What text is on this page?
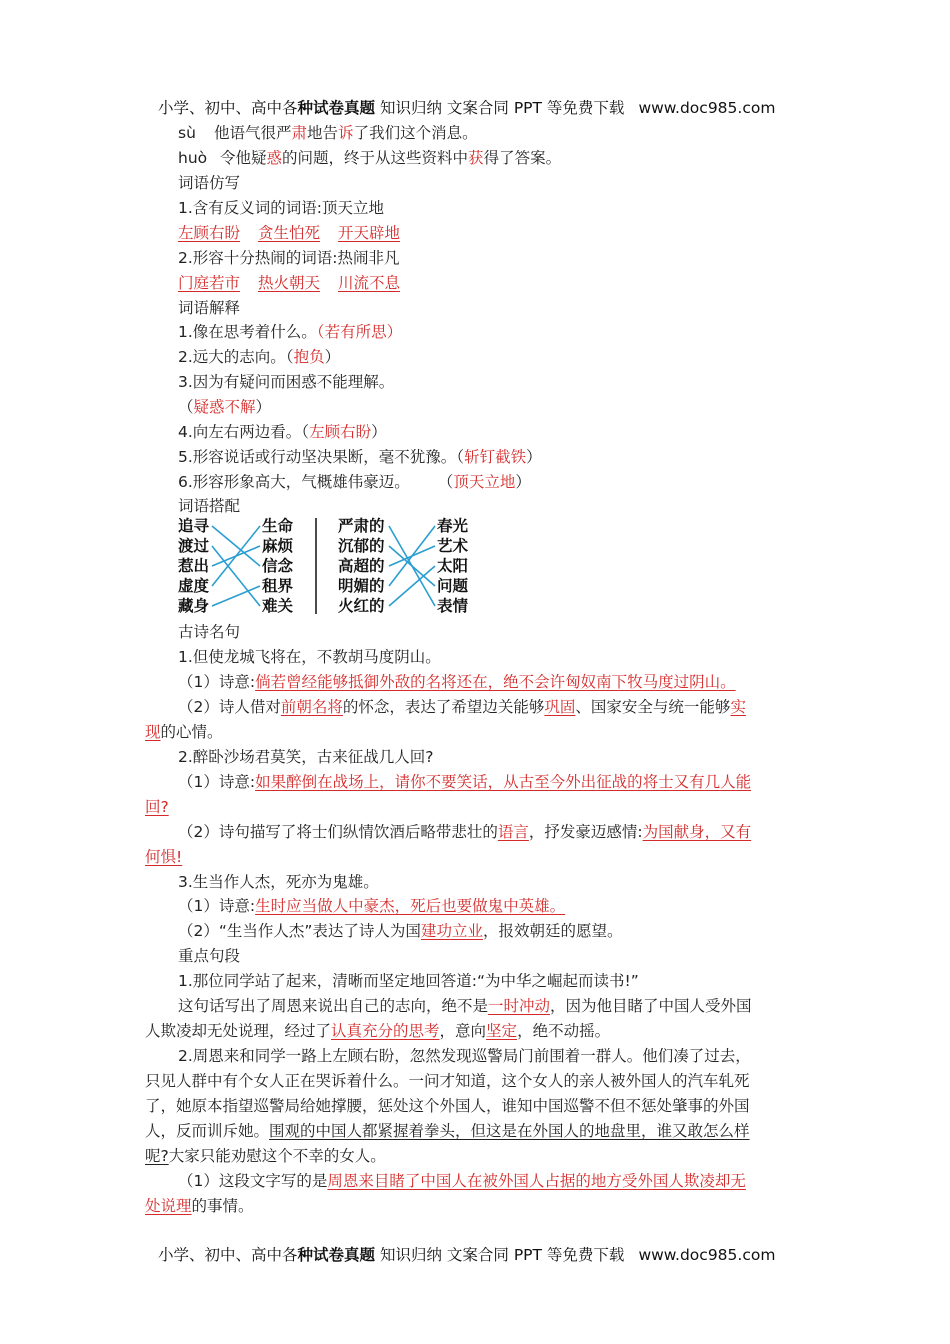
小学、初中、高中各种试卷真题 知识归纳 文案合同 PPT 等免费下载 www.doc985.com
sù 他语气很严肃地告诉了我们这个消息。
huò 令他疑惑的问题，终于从这些资料中获得了答案。
词语仿写
1.含有反义词的词语:顶天立地
左顾右盼 贪生怕死 开天辟地
2.形容十分热闹的词语:热闹非凡
门庭若市 热火朝天 川流不息
词语解释
1.像在思考着什么。（若有所思）
2.远大的志向。（抱负）
3.因为有疑问而困惑不能理解。
（疑惑不解）
4.向左右两边看。（左顾右盼）
5.形容说话或行动坚决果断，毫不犹豫。（斩钉截铁）
6.形容形象高大，气概雄伟豪迈。 （顶天立地）
词语搭配
追寻
渡过
惹出
虚度
藏身
生命
麻烦
信念
租界
难关
严肃的
沉郁的
高超的
明媚的
火红的
春光
艺术
太阳
问题
表情
古诗名句
1.但使龙城飞将在，不教胡马度阴山。
（1）诗意:倘若曾经能够抵御外敌的名将还在，绝不会许匈奴南下牧马度过阴山。
（2）诗人借对前朝名将的怀念，表达了希望边关能够巩固、国家安全与统一能够实
现的心情。
2.醉卧沙场君莫笑，古来征战几人回?
（1）诗意:如果醉倒在战场上，请你不要笑话，从古至今外出征战的将士又有几人能
回?
（2）诗句描写了将士们纵情饮酒后略带悲壮的语言，抒发豪迈感情:为国献身，又有
何惧!
3.生当作人杰，死亦为鬼雄。
（1）诗意:生时应当做人中豪杰，死后也要做鬼中英雄。
（2）“生当作人杰”表达了诗人为国建功立业，报效朝廷的愿望。
重点句段
1.那位同学站了起来，清晰而坚定地回答道:“为中华之崛起而读书!”
这句话写出了周恩来说出自己的志向，绝不是一时冲动，因为他目睹了中国人受外国
人欺凌却无处说理，经过了认真充分的思考，意向坚定，绝不动摇。
2.周恩来和同学一路上左顾右盼，忽然发现巡警局门前围着一群人。他们凑了过去，
只见人群中有个女人正在哭诉着什么。一问才知道，这个女人的亲人被外国人的汽车轧死
了，她原本指望巡警局给她撑腰，惩处这个外国人，谁知中国巡警不但不惩处肇事的外国
人，反而训斥她。围观的中国人都紧握着拳头，但这是在外国人的地盘里，谁又敢怎么样
呢?大家只能劝慰这个不幸的女人。
（1）这段文字写的是周恩来目睹了中国人在被外国人占据的地方受外国人欺凌却无
处说理的事情。
小学、初中、高中各种试卷真题 知识归纳 文案合同 PPT 等免费下载 www.doc985.com
